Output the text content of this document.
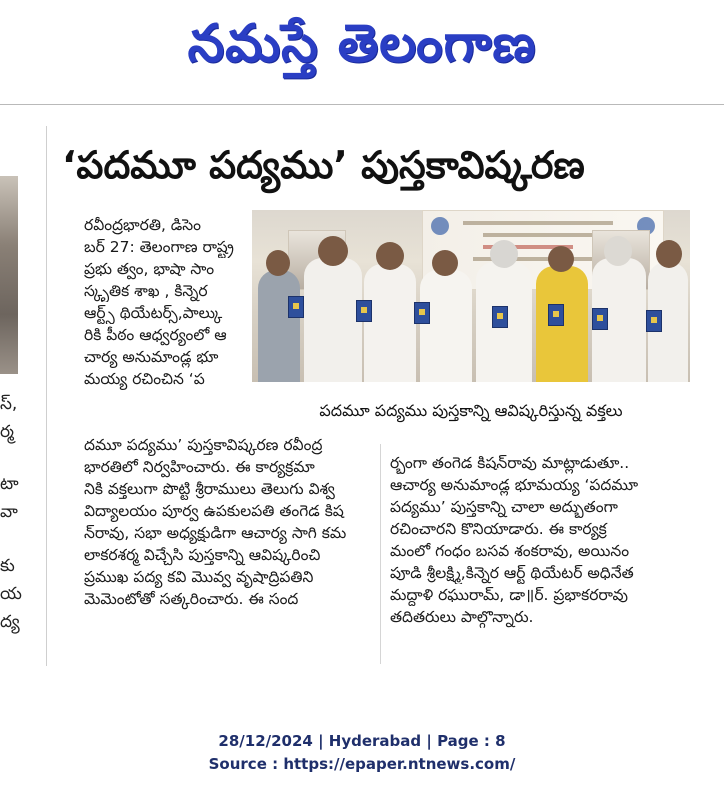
నమస్తే తెలంగాణ
స్,
ర్మ
టా
వా
కు
య
ద్య
‘పదమూ పద్యము’ పుస్తకావిష్కరణ
పదమూ పద్యము పుస్తకాన్ని ఆవిష్కరిస్తున్న వక్తలు
రవీంద్రభారతి, డిసెం
బర్ 27: తెలంగాణ రాష్ట్ర
ప్రభు త్వం, భాషా సాం
స్కృతిక శాఖ , కిన్నెర
ఆర్ట్స్ థియేటర్స్,పాల్కు
రికి పీఠం ఆధ్వర్యంలో ఆ
చార్య అనుమాండ్ల భూ
మయ్య రచించిన ‘ప
దమూ పద్యము’ పుస్తకావిష్కరణ రవీంద్ర
భారతిలో నిర్వహించారు. ఈ కార్యక్రమా
నికి వక్తలుగా పొట్టి శ్రీరాములు తెలుగు విశ్వ
విద్యాలయం పూర్వ ఉపకులపతి తంగెడ కిష
న్‌రావు, సభా అధ్యక్షుడిగా ఆచార్య సాగి కమ
లాకరశర్మ విచ్చేసి పుస్తకాన్ని ఆవిష్కరించి
ప్రముఖ పద్య కవి మొవ్వ వృషాద్రిపతిని
మెమెంటోతో సత్కరించారు. ఈ సంద
ర్భంగా తంగెడ కిషన్‌రావు మాట్లాడుతూ..
ఆచార్య అనుమాండ్ల భూమయ్య ‘పదమూ
పద్యము’ పుస్తకాన్ని చాలా అద్భుతంగా
రచించారని కొనియాడారు. ఈ కార్యక్ర
మంలో గంధం బసవ శంకరావు, అయినం
పూడి శ్రీలక్ష్మి,కిన్నెర ఆర్ట్ థియేటర్ అధినేత
మద్దాళి రఘురామ్, డా॥ర్. ప్రభాకరరావు
తదితరులు పాల్గొన్నారు.
28/12/2024 | Hyderabad | Page : 8
Source : https://epaper.ntnews.com/
